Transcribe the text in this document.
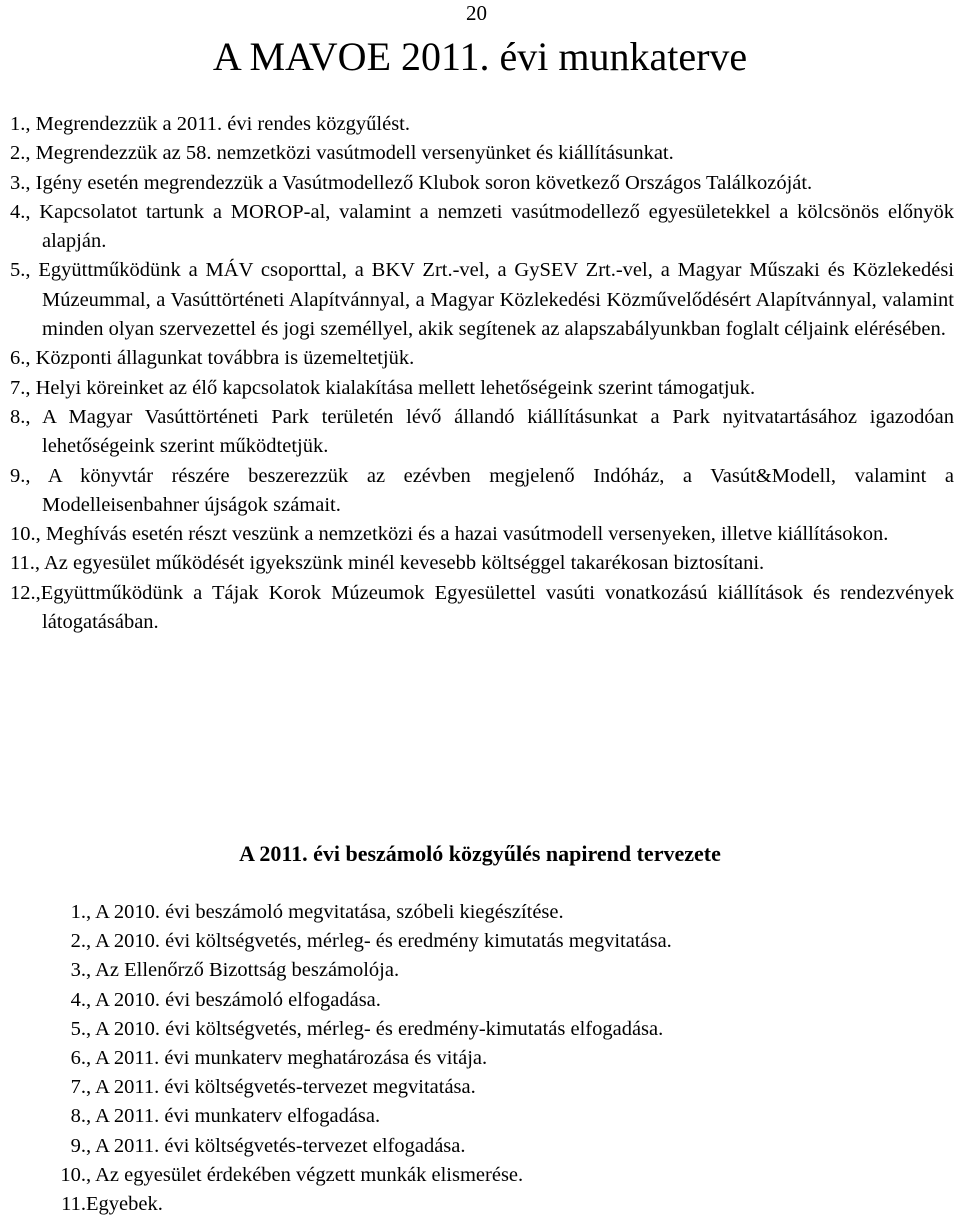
20
A MAVOE 2011. évi munkaterve
1., Megrendezzük a 2011. évi rendes közgyűlést.
2., Megrendezzük az 58. nemzetközi vasútmodell versenyünket és kiállításunkat.
3., Igény esetén megrendezzük a Vasútmodellező Klubok soron következő Országos Találkozóját.
4., Kapcsolatot tartunk a MOROP-al, valamint a nemzeti vasútmodellező egyesületekkel a kölcsönös előnyök alapján.
5., Együttműködünk a MÁV csoporttal, a BKV Zrt.-vel, a GySEV Zrt.-vel, a Magyar Műszaki és Közlekedési Múzeummal, a Vasúttörténeti Alapítvánnyal, a Magyar Közlekedési Közművelődésért Alapítvánnyal, valamint minden olyan szervezettel és jogi személlyel, akik segítenek az alapszabályunkban foglalt céljaink elérésében.
6., Központi állagunkat továbbra is üzemeltetjük.
7., Helyi köreinket az élő kapcsolatok kialakítása mellett lehetőségeink szerint támogatjuk.
8., A Magyar Vasúttörténeti Park területén lévő állandó kiállításunkat a Park nyitvatartásához igazodóan lehetőségeink szerint működtetjük.
9., A könyvtár részére beszerezzük az ezévben megjelenő Indóház, a Vasút&Modell, valamint a Modelleisenbahner újságok számait.
10., Meghívás esetén részt veszünk a nemzetközi és a hazai vasútmodell versenyeken, illetve kiállításokon.
11., Az egyesület működését igyekszünk minél kevesebb költséggel takarékosan biztosítani.
12.,Együttműködünk a Tájak Korok Múzeumok Egyesülettel vasúti vonatkozású kiállítások és rendezvények látogatásában.
A 2011. évi beszámoló közgyűlés napirend tervezete
1. , A 2010. évi beszámoló megvitatása, szóbeli kiegészítése.
2. , A 2010. évi költségvetés, mérleg- és eredmény kimutatás megvitatása.
3. , Az Ellenőrző Bizottság beszámolója.
4. , A 2010. évi beszámoló elfogadása.
5. , A 2010. évi költségvetés, mérleg- és eredmény-kimutatás elfogadása.
6. , A 2011. évi munkaterv meghatározása és vitája.
7. , A 2011. évi költségvetés-tervezet megvitatása.
8. , A 2011. évi munkaterv elfogadása.
9. , A 2011. évi költségvetés-tervezet elfogadása.
10. , Az egyesület érdekében végzett munkák elismerése.
11. Egyebek.
